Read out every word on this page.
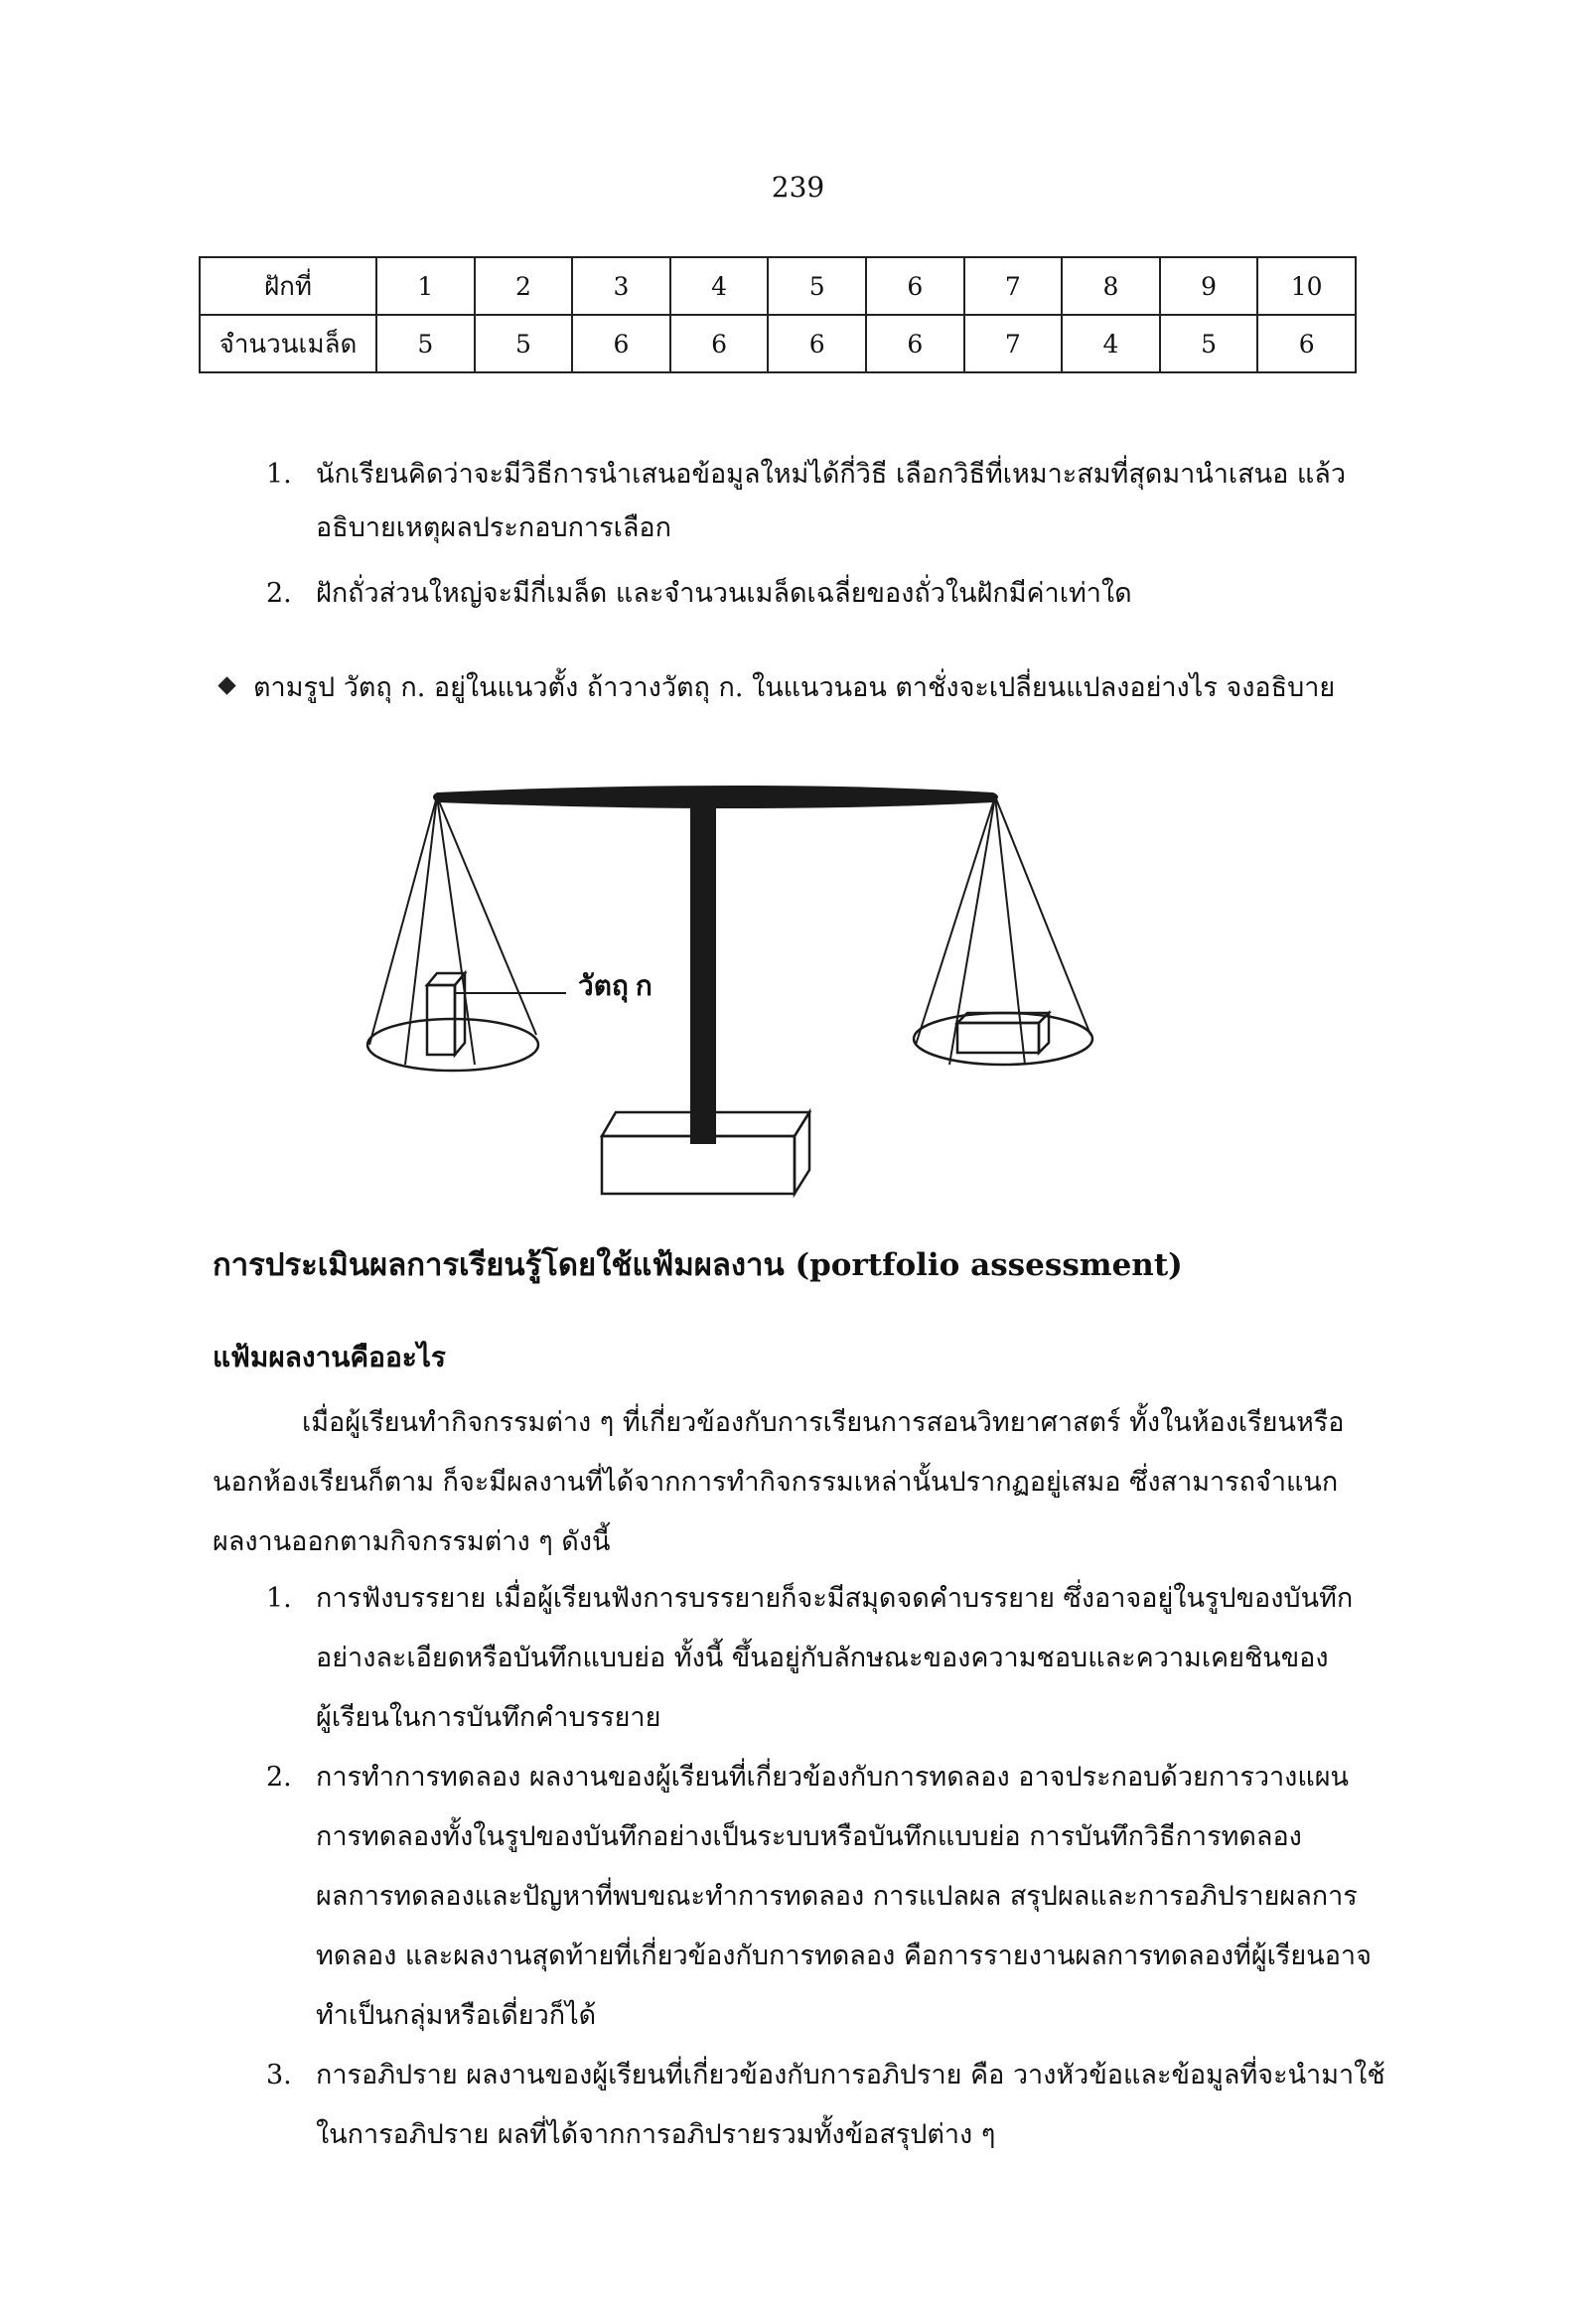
239
ฝักที่	1	2	3	4	5	6	7	8	9	10
จำนวนเมล็ด	5	5	6	6	6	6	7	4	5	6
1. นักเรียนคิดว่าจะมีวิธีการนำเสนอข้อมูลใหม่ได้กี่วิธี เลือกวิธีที่เหมาะสมที่สุดมานำเสนอ แล้ว
อธิบายเหตุผลประกอบการเลือก
2. ฝักถั่วส่วนใหญ่จะมีกี่เมล็ด และจำนวนเมล็ดเฉลี่ยของถั่วในฝักมีค่าเท่าใด
ตามรูป วัตถุ ก. อยู่ในแนวตั้ง ถ้าวางวัตถุ ก. ในแนวนอน ตาชั่งจะเปลี่ยนแปลงอย่างไร จงอธิบาย
วัตถุ ก
การประเมินผลการเรียนรู้โดยใช้แฟ้มผลงาน (portfolio assessment)
แฟ้มผลงานคืออะไร
เมื่อผู้เรียนทำกิจกรรมต่าง ๆ ที่เกี่ยวข้องกับการเรียนการสอนวิทยาศาสตร์ ทั้งในห้องเรียนหรือ
นอกห้องเรียนก็ตาม ก็จะมีผลงานที่ได้จากการทำกิจกรรมเหล่านั้นปรากฏอยู่เสมอ ซึ่งสามารถจำแนก
ผลงานออกตามกิจกรรมต่าง ๆ ดังนี้
1. การฟังบรรยาย เมื่อผู้เรียนฟังการบรรยายก็จะมีสมุดจดคำบรรยาย ซึ่งอาจอยู่ในรูปของบันทึก
อย่างละเอียดหรือบันทึกแบบย่อ ทั้งนี้ ขึ้นอยู่กับลักษณะของความชอบและความเคยชินของ
ผู้เรียนในการบันทึกคำบรรยาย
2. การทำการทดลอง ผลงานของผู้เรียนที่เกี่ยวข้องกับการทดลอง อาจประกอบด้วยการวางแผน
การทดลองทั้งในรูปของบันทึกอย่างเป็นระบบหรือบันทึกแบบย่อ การบันทึกวิธีการทดลอง
ผลการทดลองและปัญหาที่พบขณะทำการทดลอง การแปลผล สรุปผลและการอภิปรายผลการ
ทดลอง และผลงานสุดท้ายที่เกี่ยวข้องกับการทดลอง คือการรายงานผลการทดลองที่ผู้เรียนอาจ
ทำเป็นกลุ่มหรือเดี่ยวก็ได้
3. การอภิปราย ผลงานของผู้เรียนที่เกี่ยวข้องกับการอภิปราย คือ วางหัวข้อและข้อมูลที่จะนำมาใช้
ในการอภิปราย ผลที่ได้จากการอภิปรายรวมทั้งข้อสรุปต่าง ๆ
